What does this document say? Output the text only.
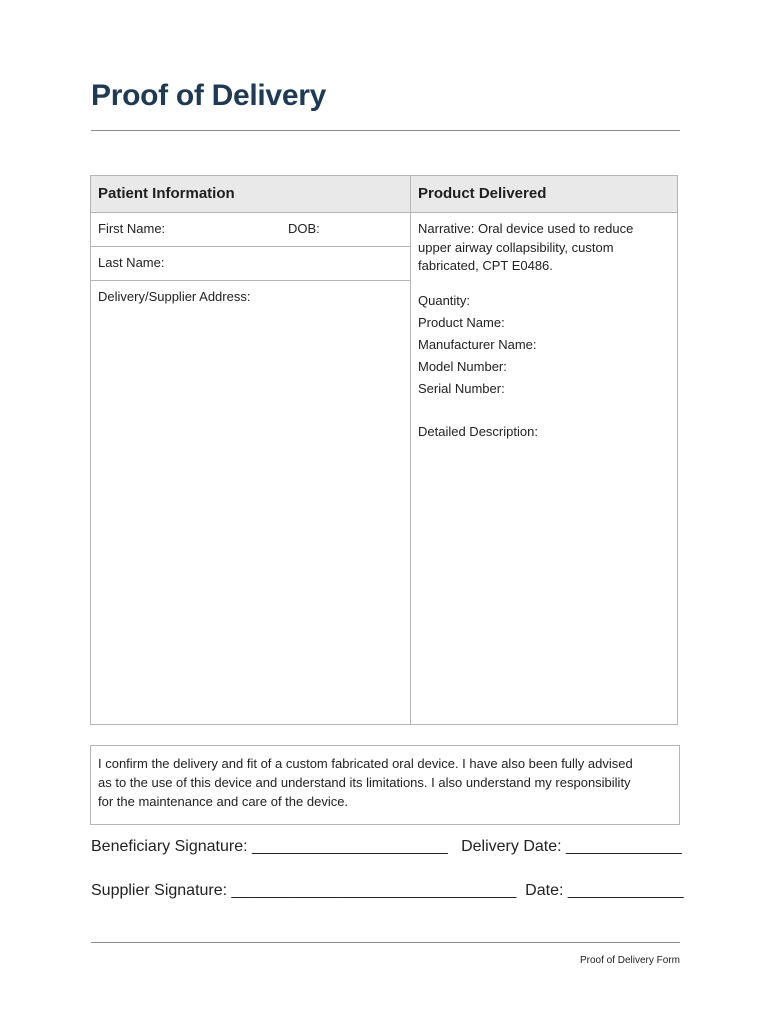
Proof of Delivery
Patient Information	Product Delivered
First Name:	DOB:
Last Name:
Delivery/Supplier Address:
Narrative: Oral device used to reduce
upper airway collapsibility, custom
fabricated, CPT E0486.
Quantity:
Product Name:
Manufacturer Name:
Model Number:
Serial Number:
Detailed Description:
I confirm the delivery and fit of a custom fabricated oral device. I have also been fully advised
as to the use of this device and understand its limitations. I also understand my responsibility
for the maintenance and care of the device.
Beneficiary Signature: ______________________   Delivery Date: _____________
Supplier Signature: ________________________________  Date: _____________
Proof of Delivery Form
